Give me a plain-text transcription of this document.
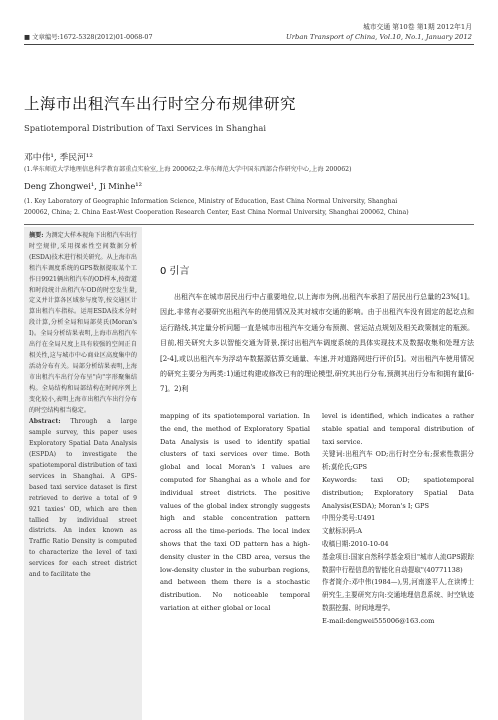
城市交通 第10卷 第1期 2012年1月
Urban Transport of China, Vol.10, No.1, January 2012
■ 文章编号:1672-5328(2012)01-0068-07
上海市出租汽车出行时空分布规律研究
Spatiotemporal Distribution of Taxi Services in Shanghai
邓中伟¹, 季民河¹²
(1.华东师范大学地理信息科学教育部重点实验室,上海 200062;2.华东师范大学中国东西部合作研究中心,上海 200062)
Deng Zhongwei¹, Ji Minhe¹²
(1. Key Laboratory of Geographic Information Science, Ministry of Education, East China Normal University, Shanghai
200062, China; 2. China East-West Cooperation Research Center, East China Normal University, Shanghai 200062, China)
摘要: 为测定大样本视角下出租汽车出行时空规律,采用探索性空间数据分析(ESDA)技术进行相关研究。从上海市出租汽车调度系统的GPS数据提取某个工作日9921辆出租汽车的OD样本,按街道和时段统计出租汽车OD的时空发生量,定义并计算各区域参与度等,按交通区计算出租汽车指标。运用ESDA技术分时段计算,分析全局和局部莫氏(Moran's I)。全局分析结果表明,上海市出租汽车出行在全局尺度上具有较强的空间正自相关性,这与城市中心商业区高度集中的活动分布有关。局部分析结果表明,上海市出租汽车出行分布呈"向"字形聚集结构。全局结构和局部结构在时间序列上变化较小,表明上海市出租汽车出行分布的时空结构相当稳定。
Abstract: Through a large sample survey, this paper uses Exploratory Spatial Data Analysis (ESPDA) to investigate the spatiotemporal distribution of taxi services in Shanghai. A GPS-based taxi service dataset is first retrieved to derive a total of 9 921 taxies' OD, which are then tallied by individual street districts. An index known as Traffic Ratio Density is computed to characterize the level of taxi services for each street district and to facilitate the
0 引言
出租汽车在城市居民出行中占重要地位,以上海市为例,出租汽车承担了居民出行总量的23%[1]。因此,非常有必要研究出租汽车的使用情况及其对城市交通的影响。由于出租汽车没有固定的起讫点和运行路线,其定量分析问题一直是城市出租汽车交通分布预测、营运站点规划及相关政策制定的瓶颈。目前,相关研究大多以智能交通为背景,探讨出租汽车调度系统的具体实现技术及数据收集和处理方法[2-4],或以出租汽车为浮动车数据源估算交通量、车速,并对道路网进行评价[5]。对出租汽车使用情况的研究主要分为两类:1)通过构建或修改已有的理论模型,研究其出行分布,预测其出行分布和拥有量[6-7]。2)利
mapping of its spatiotemporal variation. In the end, the method of Exploratory Spatial Data Analysis is used to identify spatial clusters of taxi services over time. Both global and local Moran's I values are computed for Shanghai as a whole and for individual street districts. The positive values of the global index strongly suggests high and stable concentration pattern across all the time-periods. The local index shows that the taxi OD pattern has a high-density cluster in the CBD area, versus the low-density cluster in the suburban regions, and between them there is a stochastic distribution. No noticeable temporal variation at either global or local

level is identified, which indicates a rather stable spatial and temporal distribution of taxi service.

关键词:出租汽车 OD;出行时空分布;探索性数据分析;莫伦氏;GPS

Keywords: taxi OD; spatiotemporal distribution; Exploratory Spatial Data Analysis(ESDA); Moran's I; GPS

中图分类号:U491

文献标识码:A

收稿日期:2010-10-04

基金项目:国家自然科学基金项目"城市人流GPS跟踪数据中行程信息的智能化自动提取"(40771138)

作者简介:邓中伟(1984—),男,河南遂平人,在读博士研究生,主要研究方向:交通地理信息系统、时空轨迹数据挖掘、时间地理学。

E-mail:dengwei555006@163.com
